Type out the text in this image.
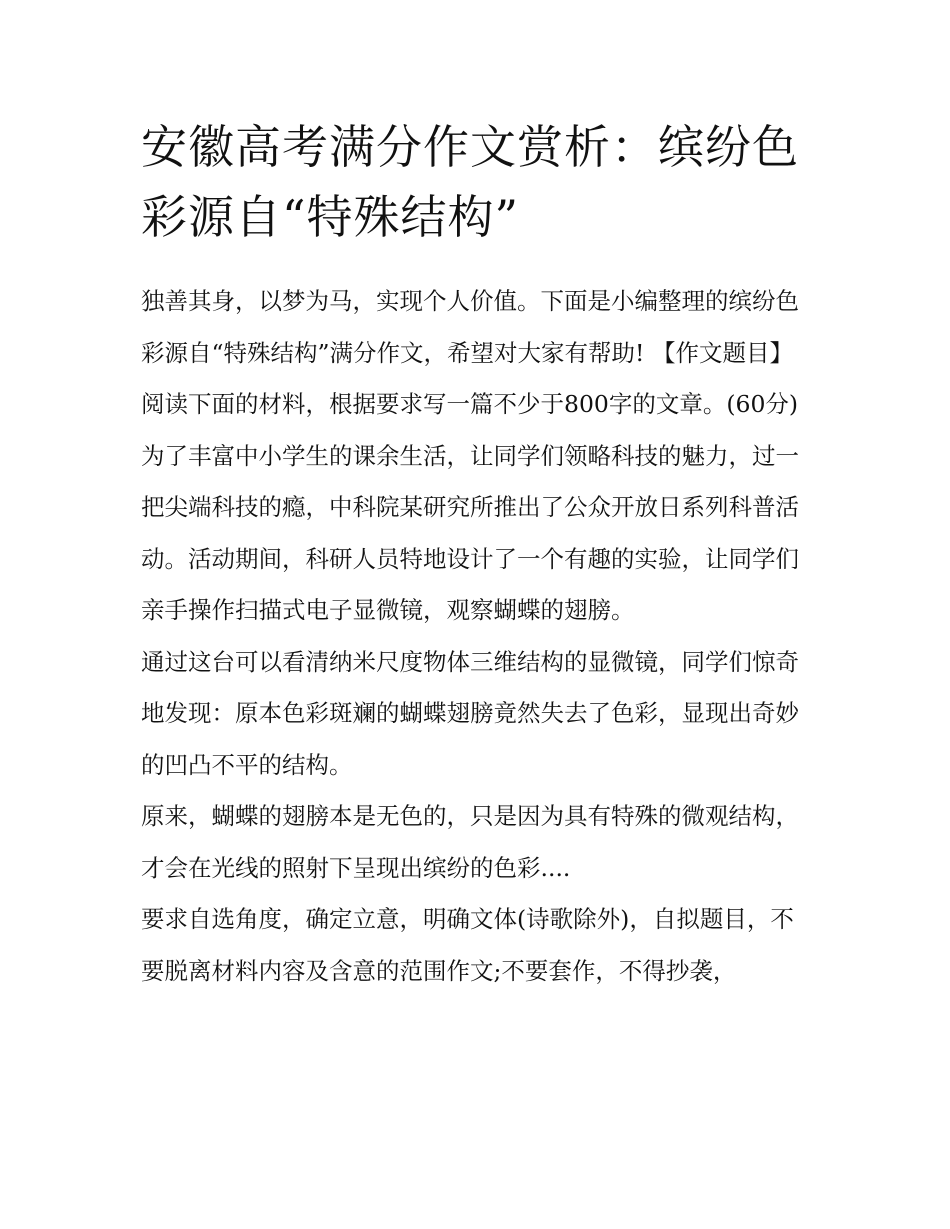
安徽高考满分作文赏析：缤纷色彩源自“特殊结构”

独善其身，以梦为马，实现个人价值。下面是小编整理的缤纷色彩源自“特殊结构”满分作文，希望对大家有帮助! 【作文题目】

阅读下面的材料，根据要求写一篇不少于800字的文章。(60分)

为了丰富中小学生的课余生活，让同学们领略科技的魅力，过一把尖端科技的瘾，中科院某研究所推出了公众开放日系列科普活动。活动期间，科研人员特地设计了一个有趣的实验，让同学们亲手操作扫描式电子显微镜，观察蝴蝶的翅膀。

通过这台可以看清纳米尺度物体三维结构的显微镜，同学们惊奇地发现：原本色彩斑斓的蝴蝶翅膀竟然失去了色彩，显现出奇妙的凹凸不平的结构。

原来，蝴蝶的翅膀本是无色的，只是因为具有特殊的微观结构，才会在光线的照射下呈现出缤纷的色彩....

要求自选角度，确定立意，明确文体(诗歌除外)，自拟题目，不要脱离材料内容及含意的范围作文;不要套作，不得抄袭，
